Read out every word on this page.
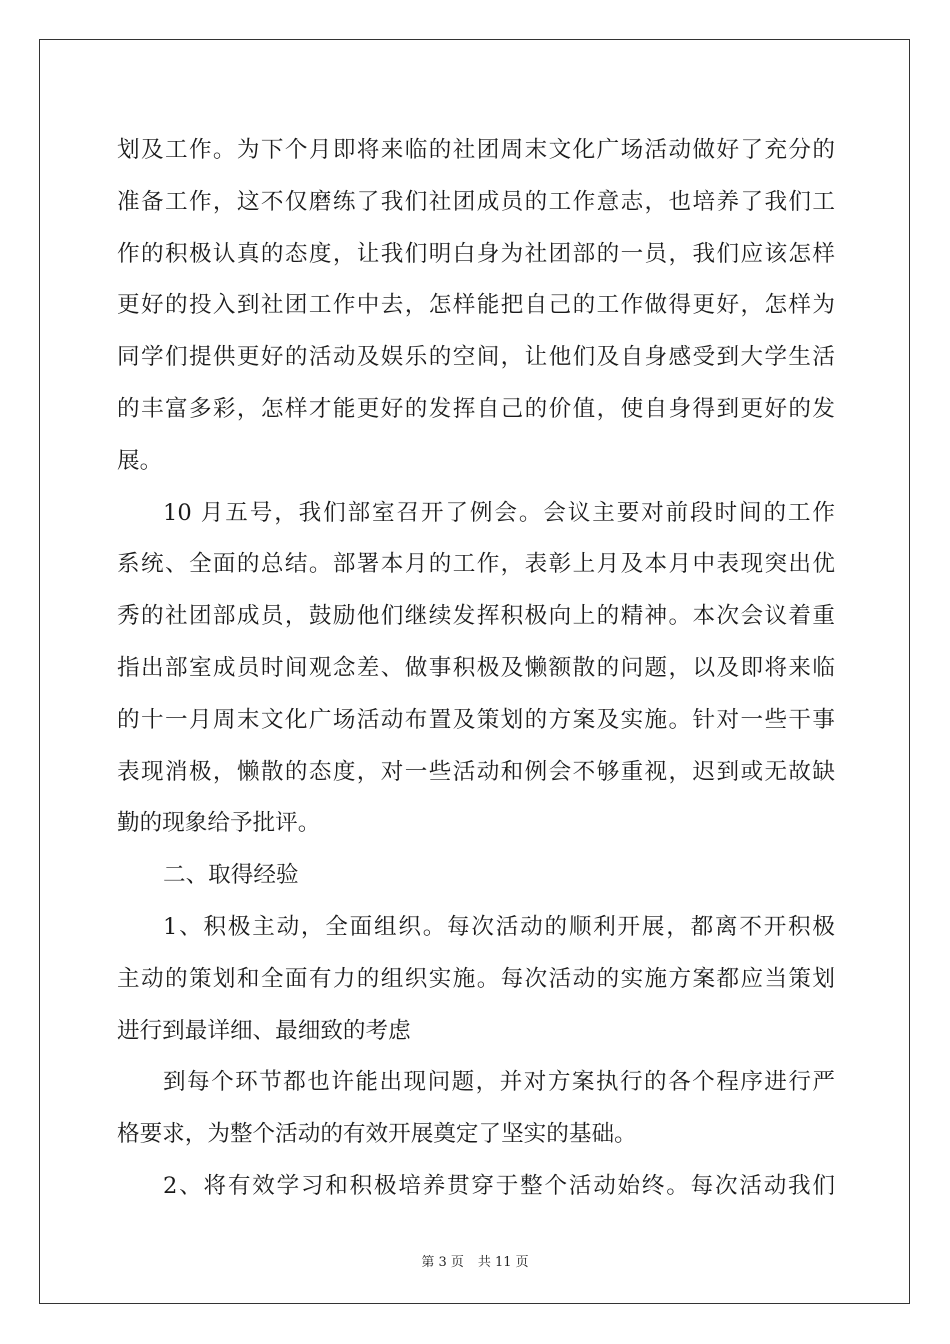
划及工作。为下个月即将来临的社团周末文化广场活动做好了充分的
准备工作，这不仅磨练了我们社团成员的工作意志，也培养了我们工
作的积极认真的态度，让我们明白身为社团部的一员，我们应该怎样
更好的投入到社团工作中去，怎样能把自己的工作做得更好，怎样为
同学们提供更好的活动及娱乐的空间，让他们及自身感受到大学生活
的丰富多彩，怎样才能更好的发挥自己的价值，使自身得到更好的发
展。
10 月五号，我们部室召开了例会。会议主要对前段时间的工作
系统、全面的总结。部署本月的工作，表彰上月及本月中表现突出优
秀的社团部成员，鼓励他们继续发挥积极向上的精神。本次会议着重
指出部室成员时间观念差、做事积极及懒额散的问题，以及即将来临
的十一月周末文化广场活动布置及策划的方案及实施。针对一些干事
表现消极，懒散的态度，对一些活动和例会不够重视，迟到或无故缺
勤的现象给予批评。
二、取得经验
1、积极主动，全面组织。每次活动的顺利开展，都离不开积极
主动的策划和全面有力的组织实施。每次活动的实施方案都应当策划
进行到最详细、最细致的考虑
到每个环节都也许能出现问题，并对方案执行的各个程序进行严
格要求，为整个活动的有效开展奠定了坚实的基础。
2、将有效学习和积极培养贯穿于整个活动始终。每次活动我们
第 3 页 共 11 页
